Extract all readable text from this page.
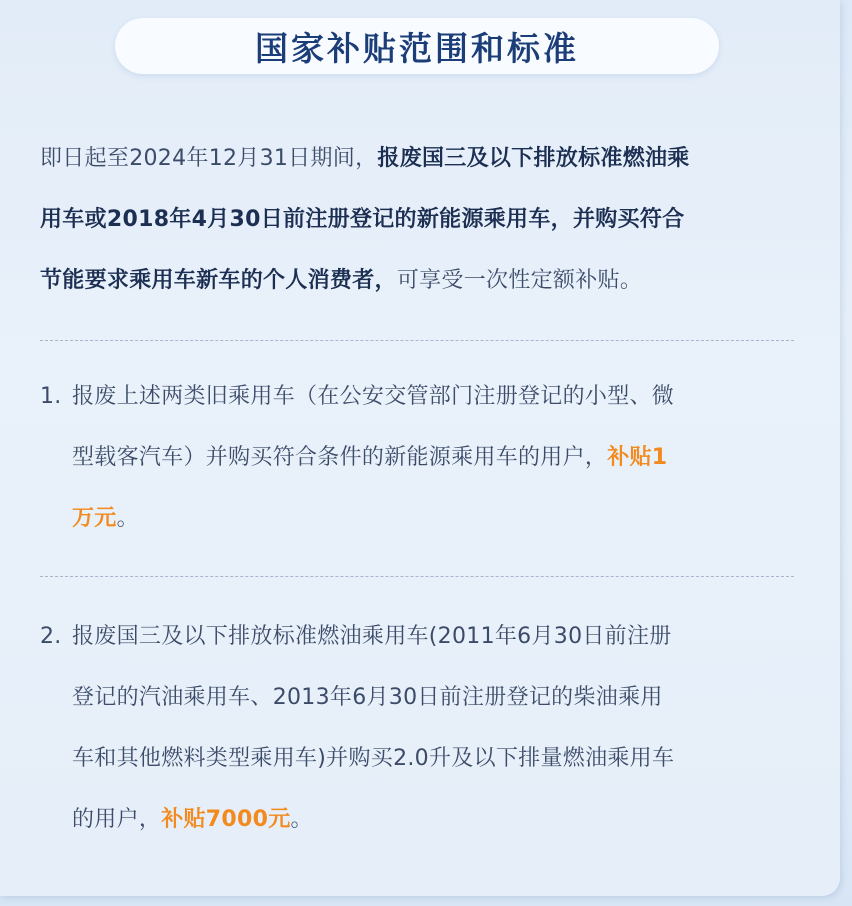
国家补贴范围和标准

即日起至2024年12月31日期间，报废国三及以下排放标准燃油乘

用车或2018年4月30日前注册登记的新能源乘用车，并购买符合

节能要求乘用车新车的个人消费者，可享受一次性定额补贴。

1. 报废上述两类旧乘用车（在公安交管部门注册登记的小型、微
型载客汽车）并购买符合条件的新能源乘用车的用户，补贴1
万元。
2. 报废国三及以下排放标准燃油乘用车(2011年6月30日前注册
登记的汽油乘用车、2013年6月30日前注册登记的柴油乘用
车和其他燃料类型乘用车)并购买2.0升及以下排量燃油乘用车
的用户，补贴7000元。
